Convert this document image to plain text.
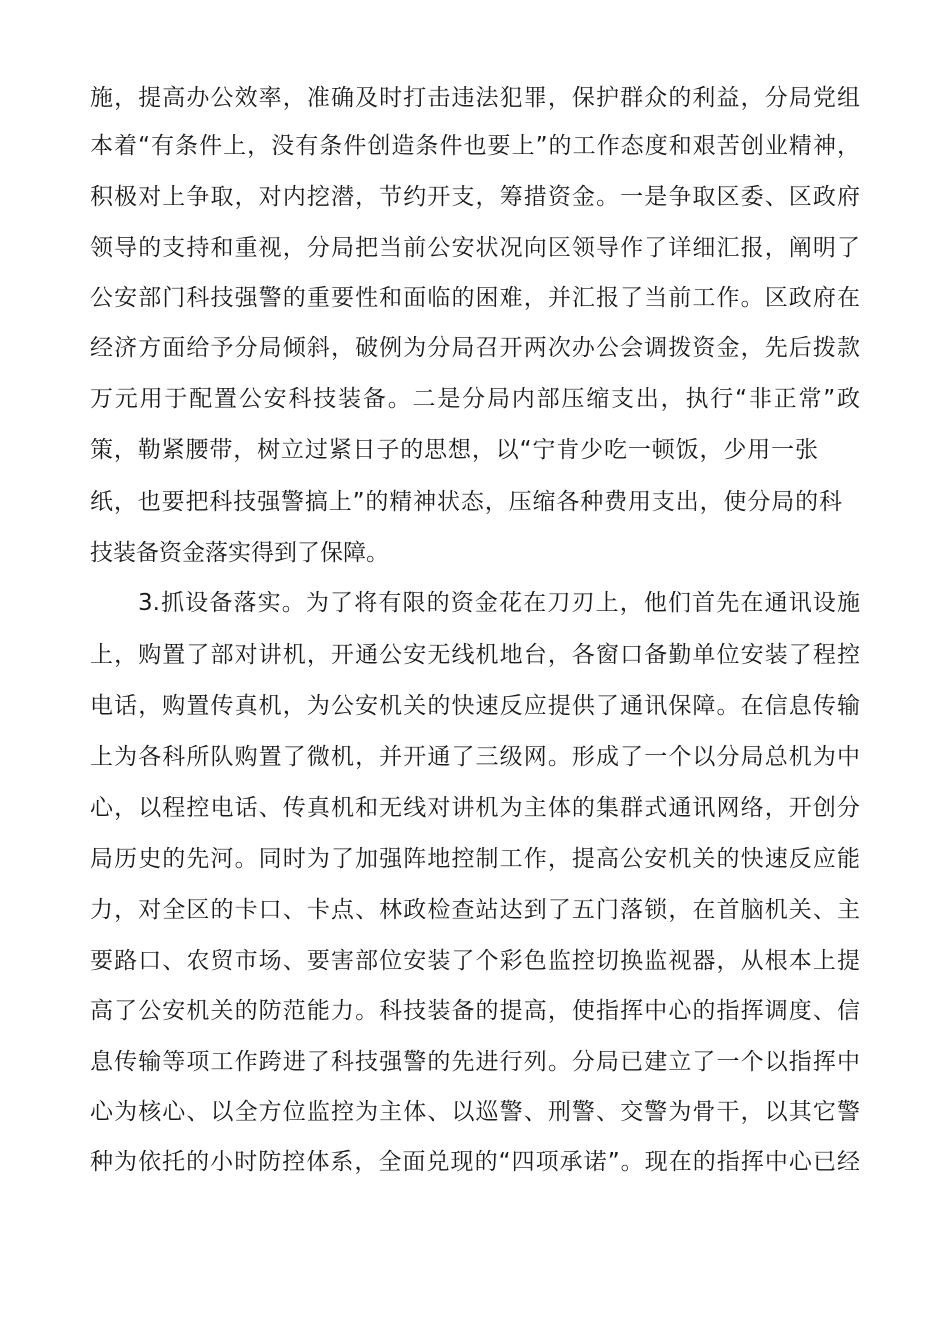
施，提高办公效率，准确及时打击违法犯罪，保护群众的利益，分局党组
本着“有条件上，没有条件创造条件也要上”的工作态度和艰苦创业精神，
积极对上争取，对内挖潜，节约开支，筹措资金。一是争取区委、区政府
领导的支持和重视，分局把当前公安状况向区领导作了详细汇报，阐明了
公安部门科技强警的重要性和面临的困难，并汇报了当前工作。区政府在
经济方面给予分局倾斜，破例为分局召开两次办公会调拨资金，先后拨款
万元用于配置公安科技装备。二是分局内部压缩支出，执行“非正常”政
策，勒紧腰带，树立过紧日子的思想，以“宁肯少吃一顿饭，少用一张
纸，也要把科技强警搞上”的精神状态，压缩各种费用支出，使分局的科
技装备资金落实得到了保障。
3.抓设备落实。为了将有限的资金花在刀刃上，他们首先在通讯设施
上，购置了部对讲机，开通公安无线机地台，各窗口备勤单位安装了程控
电话，购置传真机，为公安机关的快速反应提供了通讯保障。在信息传输
上为各科所队购置了微机，并开通了三级网。形成了一个以分局总机为中
心，以程控电话、传真机和无线对讲机为主体的集群式通讯网络，开创分
局历史的先河。同时为了加强阵地控制工作，提高公安机关的快速反应能
力，对全区的卡口、卡点、林政检查站达到了五门落锁，在首脑机关、主
要路口、农贸市场、要害部位安装了个彩色监控切换监视器，从根本上提
高了公安机关的防范能力。科技装备的提高，使指挥中心的指挥调度、信
息传输等项工作跨进了科技强警的先进行列。分局已建立了一个以指挥中
心为核心、以全方位监控为主体、以巡警、刑警、交警为骨干，以其它警
种为依托的小时防控体系，全面兑现的“四项承诺”。现在的指挥中心已经
